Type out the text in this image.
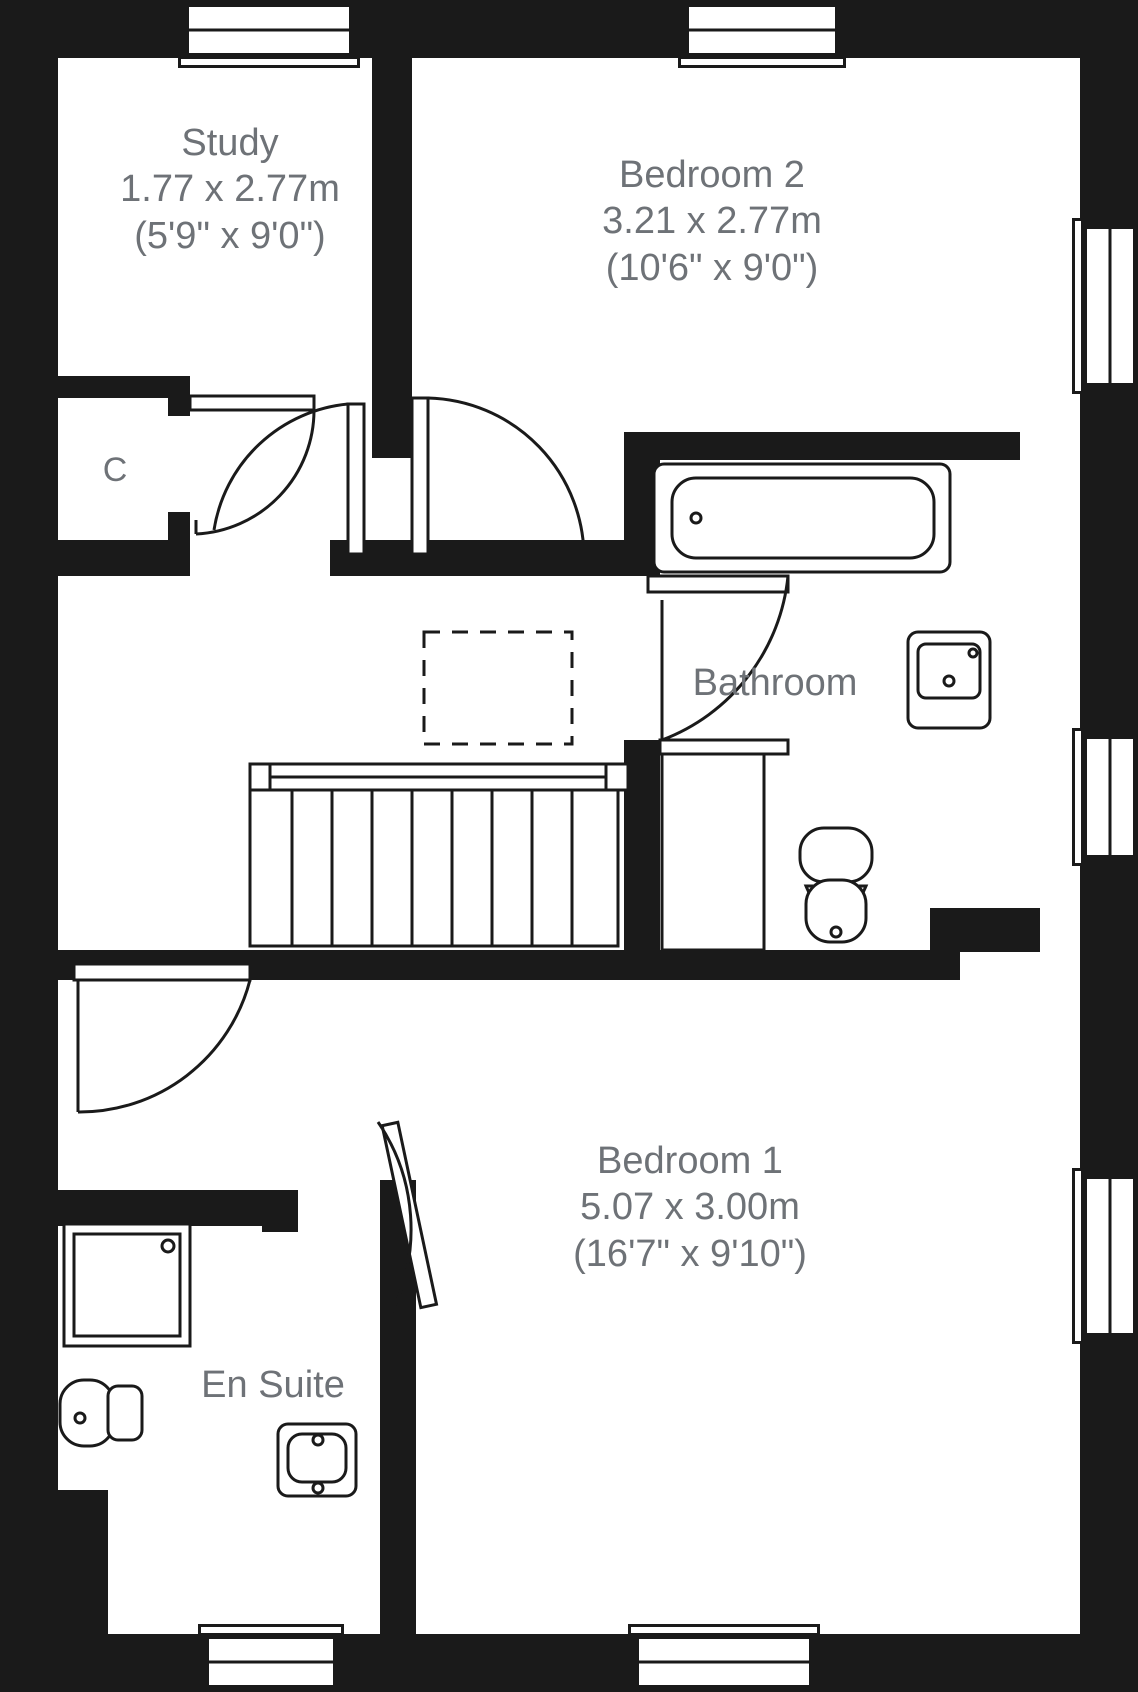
Study
1.77 x 2.77m
(5'9" x 9'0")
Bedroom 2
3.21 x 2.77m
(10'6" x 9'0")
C
Bathroom
Bedroom 1
5.07 x 3.00m
(16'7" x 9'10")
En Suite
